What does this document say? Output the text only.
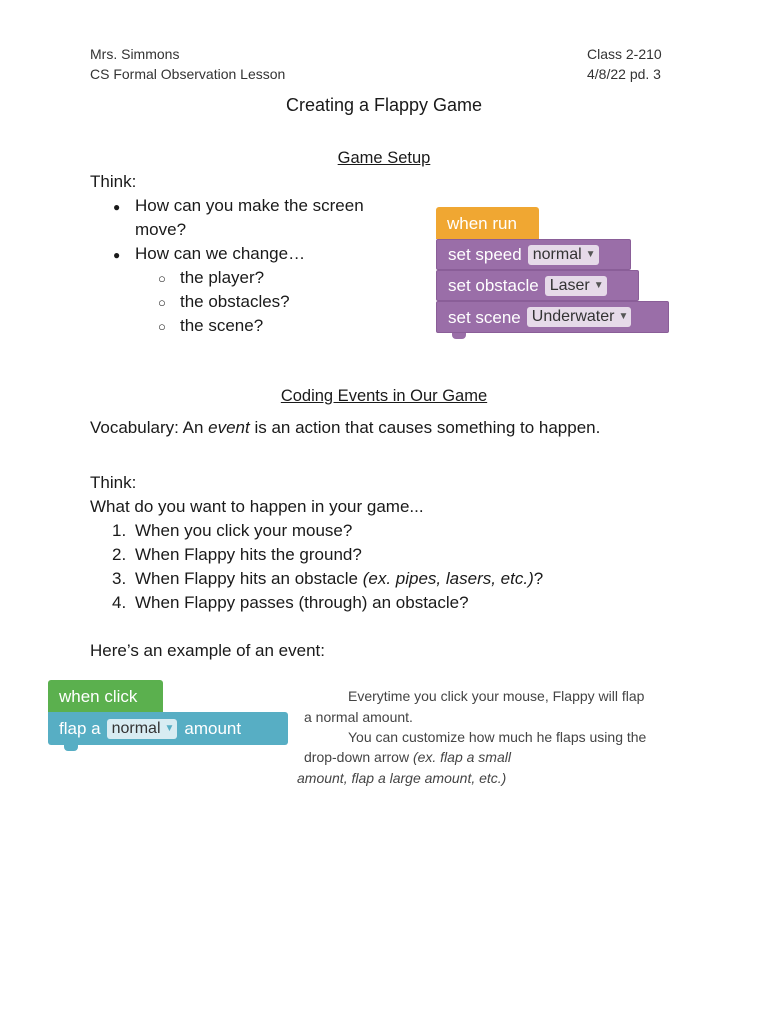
Mrs. Simmons
CS Formal Observation Lesson
Class 2-210
4/8/22 pd. 3
Creating a Flappy Game
Game Setup
Think:
● How can you make the screen
move?
● How can we change…
○ the player?
○ the obstacles?
○ the scene?
when run
set speed normal ▼
set obstacle Laser ▼
set scene Underwater ▼
Coding Events in Our Game
Vocabulary: An event is an action that causes something to happen.
Think:
What do you want to happen in your game...
1. When you click your mouse?
2. When Flappy hits the ground?
3. When Flappy hits an obstacle (ex. pipes, lasers, etc.)?
4. When Flappy passes (through) an obstacle?
Here’s an example of an event:
when click
flap a normal ▼ amount
Everytime you click your mouse, Flappy will flap
a normal amount.
You can customize how much he flaps using the
drop-down arrow (ex. flap a small
amount, flap a large amount, etc.)
